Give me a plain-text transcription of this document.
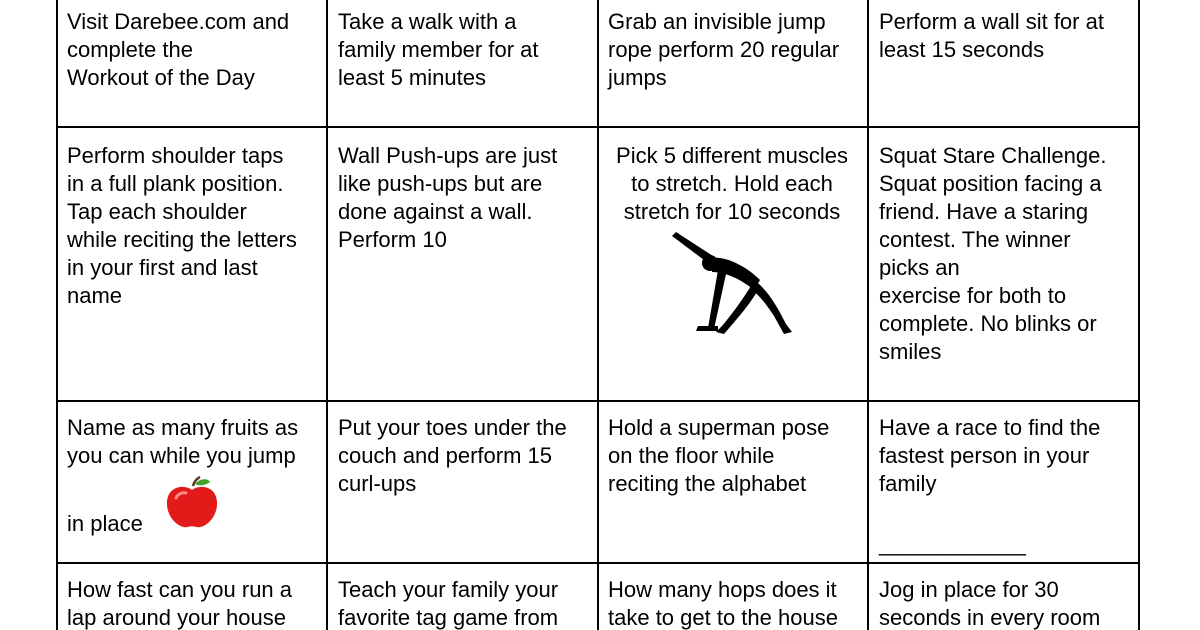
Visit Darebee.com and
complete the
Workout of the Day
Take a walk with a
family member for at
least 5 minutes
Grab an invisible jump
rope perform 20 regular
jumps
Perform a wall sit for at
least 15 seconds
Perform shoulder taps
in a full plank position.
Tap each shoulder
while reciting the letters
in your first and last
name
Wall Push-ups are just
like push-ups but are
done against a wall.
Perform 10
Pick 5 different muscles
to stretch. Hold each
stretch for 10 seconds
Squat Stare Challenge.
Squat position facing a
friend. Have a staring
contest. The winner
picks an
exercise for both to
complete. No blinks or
smiles
Name as many fruits as
you can while you jump
in place
Put your toes under the
couch and perform 15
curl-ups
Hold a superman pose
on the floor while
reciting the alphabet
Have a race to find the
fastest person in your
family
____________
How fast can you run a
lap around your house
Teach your family your
favorite tag game from
How many hops does it
take to get to the house
Jog in place for 30
seconds in every room
